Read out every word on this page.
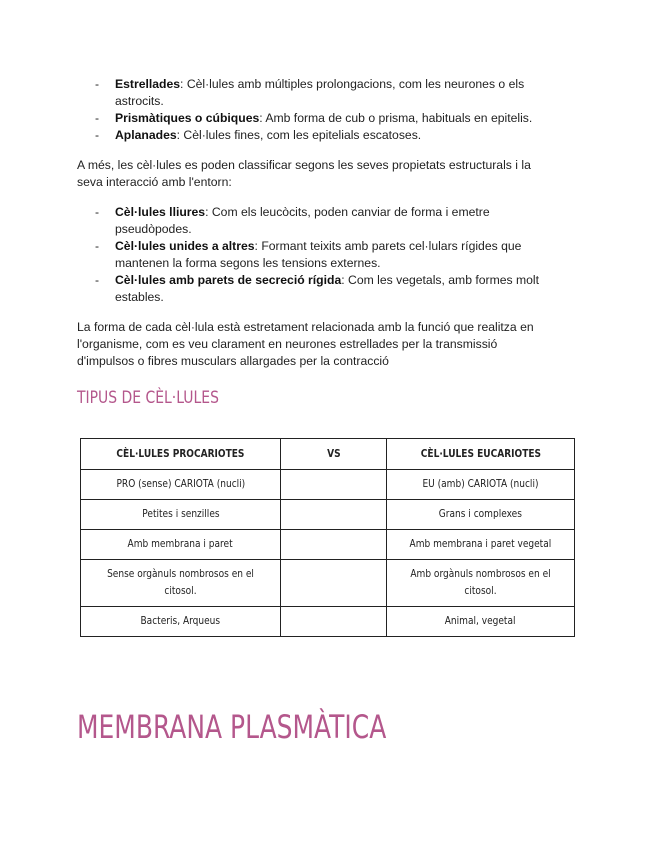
- Estrellades: Cèl·lules amb múltiples prolongacions, com les neurones o els
astrocits.
- Prismàtiques o cúbiques: Amb forma de cub o prisma, habituals en epitelis.
- Aplanades: Cèl·lules fines, com les epitelials escatoses.

A més, les cèl·lules es poden classificar segons les seves propietats estructurals i la
seva interacció amb l'entorn:

- Cèl·lules lliures: Com els leucòcits, poden canviar de forma i emetre
pseudòpodes.
- Cèl·lules unides a altres: Formant teixits amb parets cel·lulars rígides que
mantenen la forma segons les tensions externes.
- Cèl·lules amb parets de secreció rígida: Com les vegetals, amb formes molt
estables.

La forma de cada cèl·lula està estretament relacionada amb la funció que realitza en
l'organisme, com es veu clarament en neurones estrellades per la transmissió
d'impulsos o fibres musculars allargades per la contracció

TIPUS DE CÈL·LULES
CÈL·LULES PROCARIOTES	VS	CÈL·LULES EUCARIOTES
PRO (sense) CARIOTA (nucli)		EU (amb) CARIOTA (nucli)
Petites i senzilles		Grans i complexes
Amb membrana i paret		Amb membrana i paret vegetal
Sense orgànuls nombrosos en el citosol.		Amb orgànuls nombrosos en el citosol.
Bacteris, Arqueus		Animal, vegetal
MEMBRANA PLASMÀTICA
